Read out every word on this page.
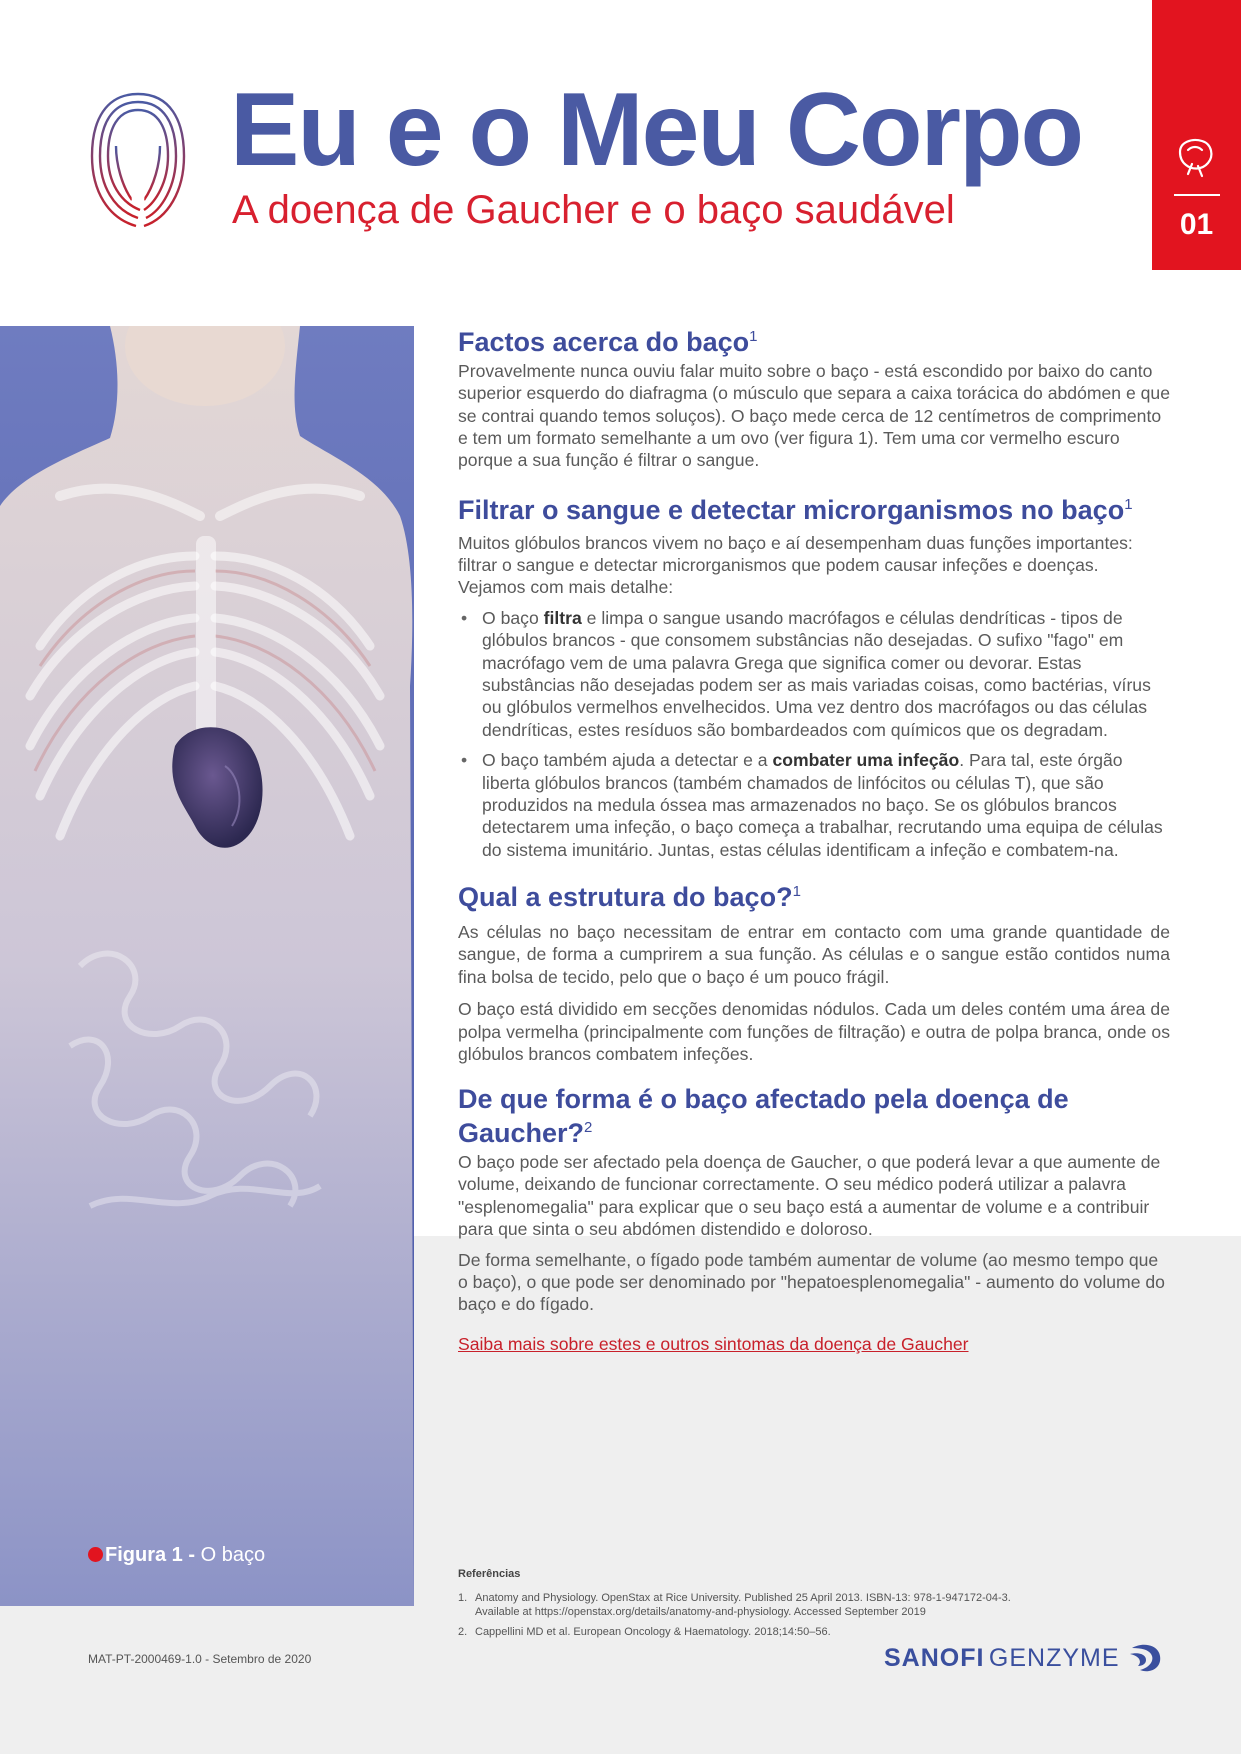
Eu e o Meu Corpo

A doença de Gaucher e o baço saudável	01
Figura 1 - O baço
Factos acerca do baço$^1$

Provavelmente nunca ouviu falar muito sobre o baço - está escondido por baixo do canto superior esquerdo do diafragma (o músculo que separa a caixa torácica do abdómen e que se contrai quando temos soluços). O baço mede cerca de 12 centímetros de comprimento e tem um formato semelhante a um ovo (ver figura 1). Tem uma cor vermelho escuro porque a sua função é filtrar o sangue.

Filtrar o sangue e detectar microrganismos no baço$^1$

Muitos glóbulos brancos vivem no baço e aí desempenham duas funções importantes: filtrar o sangue e detectar microrganismos que podem causar infeções e doenças. Vejamos com mais detalhe:

• O baço filtra e limpa o sangue usando macrófagos e células dendríticas - tipos de glóbulos brancos - que consomem substâncias não desejadas. O sufixo "fago" em macrófago vem de uma palavra Grega que significa comer ou devorar. Estas substâncias não desejadas podem ser as mais variadas coisas, como bactérias, vírus ou glóbulos vermelhos envelhecidos. Uma vez dentro dos macrófagos ou das células dendríticas, estes resíduos são bombardeados com químicos que os degradam.
• O baço também ajuda a detectar e a combater uma infeção. Para tal, este órgão liberta glóbulos brancos (também chamados de linfócitos ou células T), que são produzidos na medula óssea mas armazenados no baço. Se os glóbulos brancos detectarem uma infeção, o baço começa a trabalhar, recrutando uma equipa de células do sistema imunitário. Juntas, estas células identificam a infeção e combatem-na.
Qual a estrutura do baço?$^1$

As células no baço necessitam de entrar em contacto com uma grande quantidade de sangue, de forma a cumprirem a sua função. As células e o sangue estão contidos numa fina bolsa de tecido, pelo que o baço é um pouco frágil.

O baço está dividido em secções denomidas nódulos. Cada um deles contém uma área de polpa vermelha (principalmente com funções de filtração) e outra de polpa branca, onde os glóbulos brancos combatem infeções.

De que forma é o baço afectado pela doença de Gaucher?$^2$

O baço pode ser afectado pela doença de Gaucher, o que poderá levar a que aumente de volume, deixando de funcionar correctamente. O seu médico poderá utilizar a palavra "esplenomegalia" para explicar que o seu baço está a aumentar de volume e a contribuir para que sinta o seu abdómen distendido e doloroso.

De forma semelhante, o fígado pode também aumentar de volume (ao mesmo tempo que o baço), o que pode ser denominado por "hepatoesplenomegalia" - aumento do volume do baço e do fígado.

Saiba mais sobre estes e outros sintomas da doença de Gaucher

Referências

1. Anatomy and Physiology. OpenStax at Rice University. Published 25 April 2013. ISBN-13: 978-1-947172-04-3.
Available at https://openstax.org/details/anatomy-and-physiology. Accessed September 2019

2. Cappellini MD et al. European Oncology & Haematology. 2018;14:50–56.

MAT-PT-2000469-1.0 - Setembro de 2020	SANOFI GENZYME
